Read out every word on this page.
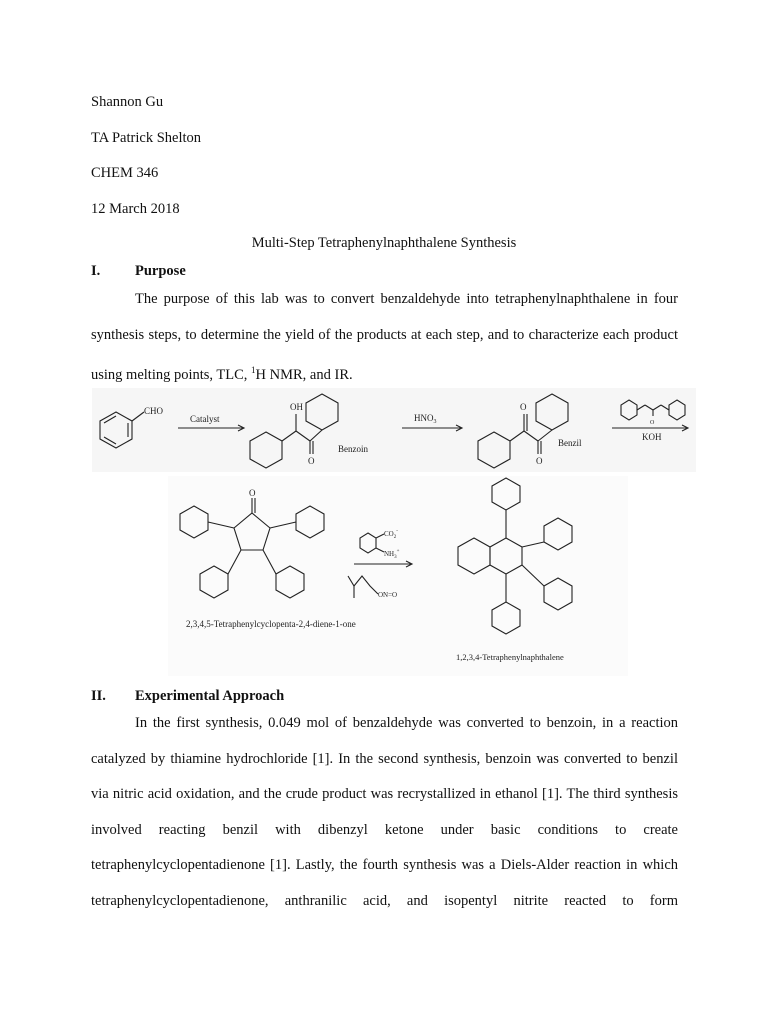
Shannon Gu
TA Patrick Shelton
CHEM 346
12 March 2018
Multi-Step Tetraphenylnaphthalene Synthesis
I. Purpose

The purpose of this lab was to convert benzaldehyde into tetraphenylnaphthalene in four

synthesis steps, to determine the yield of the products at each step, and to characterize each product

using melting points, TLC, $^1$H NMR, and IR.

CHO
Catalyst
OH
O
Benzoin
$HNO_3$
O
O
Benzil
O
KOH
O
$CO_2^-$
$NH_3^+$
ON=O
2,3,4,5-Tetraphenylcyclopenta-2,4-diene-1-one
1,2,3,4-Tetraphenylnaphthalene
II. Experimental Approach

In the first synthesis, 0.049 mol of benzaldehyde was converted to benzoin, in a reaction

catalyzed by thiamine hydrochloride [1]. In the second synthesis, benzoin was converted to benzil

via nitric acid oxidation, and the crude product was recrystallized in ethanol [1]. The third synthesis

involved reacting benzil with dibenzyl ketone under basic conditions to create

tetraphenylcyclopentadienone [1]. Lastly, the fourth synthesis was a Diels-Alder reaction in which

tetraphenylcyclopentadienone, anthranilic acid, and isopentyl nitrite reacted to form
